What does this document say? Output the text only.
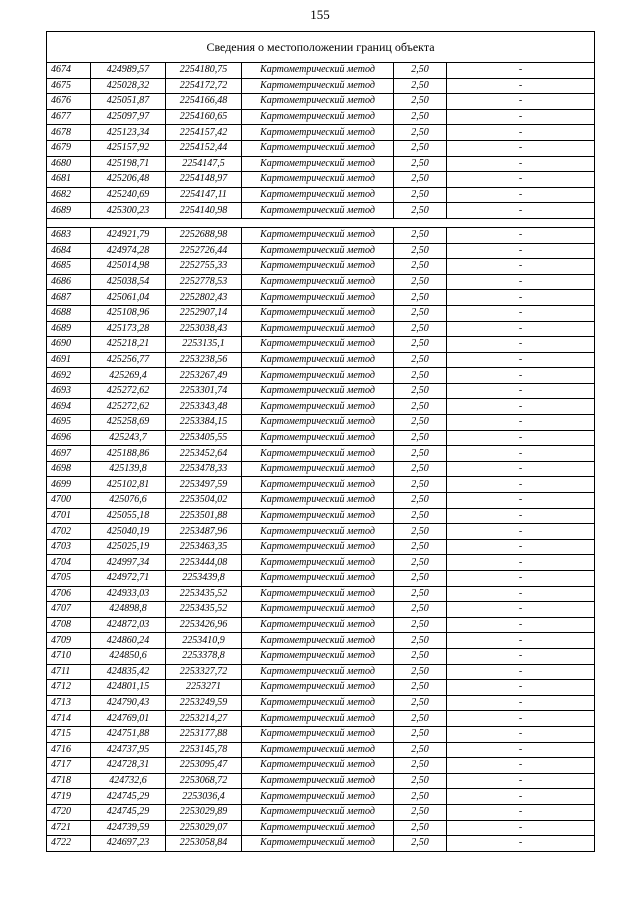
155
Сведения о местоположении границ объекта					
4674	424989,57	2254180,75	Картометрический метод	2,50	-
4675	425028,32	2254172,72	Картометрический метод	2,50	-
4676	425051,87	2254166,48	Картометрический метод	2,50	-
4677	425097,97	2254160,65	Картометрический метод	2,50	-
4678	425123,34	2254157,42	Картометрический метод	2,50	-
4679	425157,92	2254152,44	Картометрический метод	2,50	-
4680	425198,71	2254147,5	Картометрический метод	2,50	-
4681	425206,48	2254148,97	Картометрический метод	2,50	-
4682	425240,69	2254147,11	Картометрический метод	2,50	-
4689	425300,23	2254140,98	Картометрический метод	2,50	-

4683	424921,79	2252688,98	Картометрический метод	2,50	-
4684	424974,28	2252726,44	Картометрический метод	2,50	-
4685	425014,98	2252755,33	Картометрический метод	2,50	-
4686	425038,54	2252778,53	Картометрический метод	2,50	-
4687	425061,04	2252802,43	Картометрический метод	2,50	-
4688	425108,96	2252907,14	Картометрический метод	2,50	-
4689	425173,28	2253038,43	Картометрический метод	2,50	-
4690	425218,21	2253135,1	Картометрический метод	2,50	-
4691	425256,77	2253238,56	Картометрический метод	2,50	-
4692	425269,4	2253267,49	Картометрический метод	2,50	-
4693	425272,62	2253301,74	Картометрический метод	2,50	-
4694	425272,62	2253343,48	Картометрический метод	2,50	-
4695	425258,69	2253384,15	Картометрический метод	2,50	-
4696	425243,7	2253405,55	Картометрический метод	2,50	-
4697	425188,86	2253452,64	Картометрический метод	2,50	-
4698	425139,8	2253478,33	Картометрический метод	2,50	-
4699	425102,81	2253497,59	Картометрический метод	2,50	-
4700	425076,6	2253504,02	Картометрический метод	2,50	-
4701	425055,18	2253501,88	Картометрический метод	2,50	-
4702	425040,19	2253487,96	Картометрический метод	2,50	-
4703	425025,19	2253463,35	Картометрический метод	2,50	-
4704	424997,34	2253444,08	Картометрический метод	2,50	-
4705	424972,71	2253439,8	Картометрический метод	2,50	-
4706	424933,03	2253435,52	Картометрический метод	2,50	-
4707	424898,8	2253435,52	Картометрический метод	2,50	-
4708	424872,03	2253426,96	Картометрический метод	2,50	-
4709	424860,24	2253410,9	Картометрический метод	2,50	-
4710	424850,6	2253378,8	Картометрический метод	2,50	-
4711	424835,42	2253327,72	Картометрический метод	2,50	-
4712	424801,15	2253271	Картометрический метод	2,50	-
4713	424790,43	2253249,59	Картометрический метод	2,50	-
4714	424769,01	2253214,27	Картометрический метод	2,50	-
4715	424751,88	2253177,88	Картометрический метод	2,50	-
4716	424737,95	2253145,78	Картометрический метод	2,50	-
4717	424728,31	2253095,47	Картометрический метод	2,50	-
4718	424732,6	2253068,72	Картометрический метод	2,50	-
4719	424745,29	2253036,4	Картометрический метод	2,50	-
4720	424745,29	2253029,89	Картометрический метод	2,50	-
4721	424739,59	2253029,07	Картометрический метод	2,50	-
4722	424697,23	2253058,84	Картометрический метод	2,50	-
